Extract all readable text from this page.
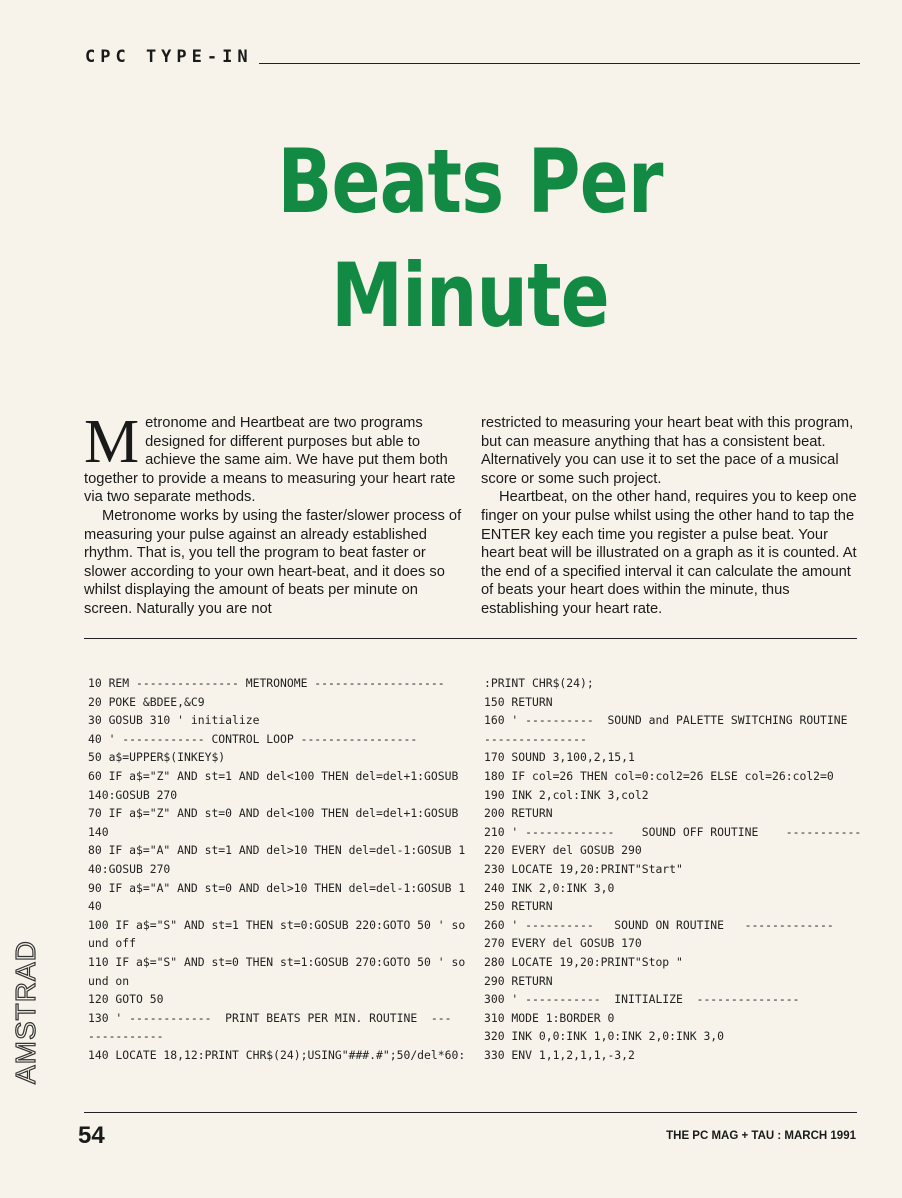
CPC TYPE-IN
Beats Per
Minute

Metronome and Heartbeat are two programs designed for different purposes but able to achieve the same aim. We have put them both together to provide a means to measuring your heart rate via two separate methods.

Metronome works by using the faster/slower process of measuring your pulse against an already established rhythm. That is, you tell the program to beat faster or slower according to your own heart-beat, and it does so whilst displaying the amount of beats per minute on screen. Naturally you are not

restricted to measuring your heart beat with this program, but can measure anything that has a consistent beat. Alternatively you can use it to set the pace of a musical score or some such project.

Heartbeat, on the other hand, requires you to keep one finger on your pulse whilst using the other hand to tap the ENTER key each time you register a pulse beat. Your heart beat will be illustrated on a graph as it is counted. At the end of a specified interval it can calculate the amount of beats your heart does within the minute, thus establishing your heart rate.

10 REM --------------- METRONOME -------------------
20 POKE &BDEE,&C9
30 GOSUB 310 ' initialize
40 ' ------------ CONTROL LOOP -----------------
50 a$=UPPER$(INKEY$)
60 IF a$="Z" AND st=1 AND del<100 THEN del=del+1:GOSUB
140:GOSUB 270
70 IF a$="Z" AND st=0 AND del<100 THEN del=del+1:GOSUB
140
80 IF a$="A" AND st=1 AND del>10 THEN del=del-1:GOSUB 1
40:GOSUB 270
90 IF a$="A" AND st=0 AND del>10 THEN del=del-1:GOSUB 1
40
100 IF a$="S" AND st=1 THEN st=0:GOSUB 220:GOTO 50 ' so
und off
110 IF a$="S" AND st=0 THEN st=1:GOSUB 270:GOTO 50 ' so
und on
120 GOTO 50
130 ' ------------  PRINT BEATS PER MIN. ROUTINE  ---
-----------
140 LOCATE 18,12:PRINT CHR$(24);USING"###.#";50/del*60:
:PRINT CHR$(24);
150 RETURN
160 ' ----------  SOUND and PALETTE SWITCHING ROUTINE
---------------
170 SOUND 3,100,2,15,1
180 IF col=26 THEN col=0:col2=26 ELSE col=26:col2=0
190 INK 2,col:INK 3,col2
200 RETURN
210 ' -------------    SOUND OFF ROUTINE    -----------
220 EVERY del GOSUB 290
230 LOCATE 19,20:PRINT"Start"
240 INK 2,0:INK 3,0
250 RETURN
260 ' ----------   SOUND ON ROUTINE   -------------
270 EVERY del GOSUB 170
280 LOCATE 19,20:PRINT"Stop "
290 RETURN
300 ' -----------  INITIALIZE  ---------------
310 MODE 1:BORDER 0
320 INK 0,0:INK 1,0:INK 2,0:INK 3,0
330 ENV 1,1,2,1,1,-3,2
AMSTRAD
54	THE PC MAG + TAU : MARCH 1991
